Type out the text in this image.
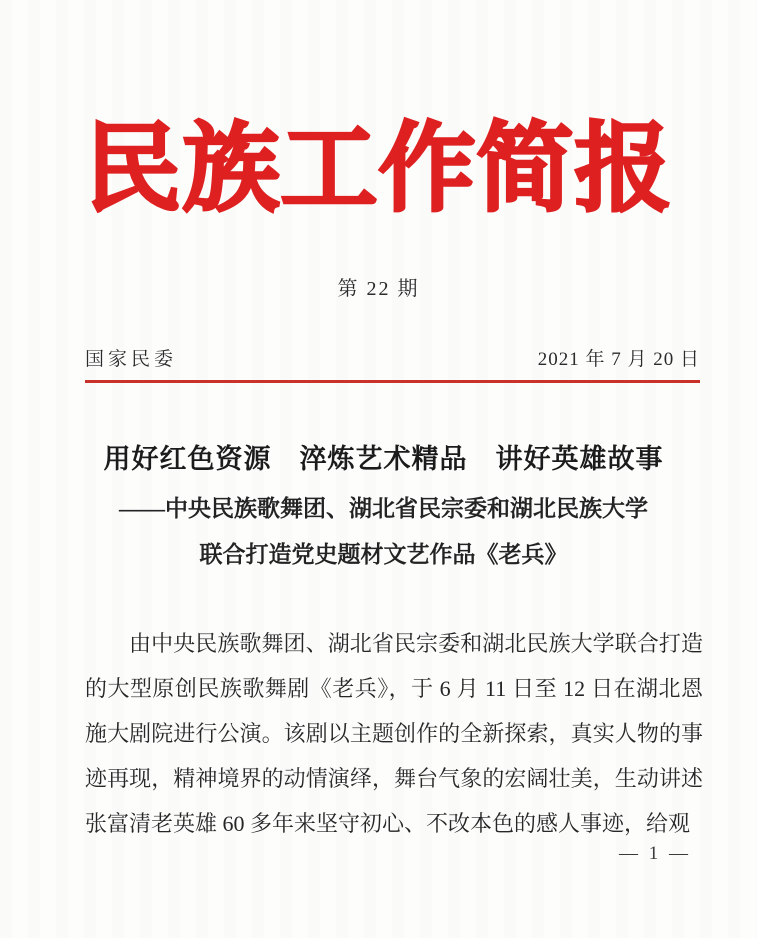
民族工作简报
第 22 期
国家民委	2021 年 7 月 20 日
用好红色资源　淬炼艺术精品　讲好英雄故事
——中央民族歌舞团、湖北省民宗委和湖北民族大学
联合打造党史题材文艺作品《老兵》
由中央民族歌舞团、湖北省民宗委和湖北民族大学联合打造的大型原创民族歌舞剧《老兵》，于 6 月 11 日至 12 日在湖北恩施大剧院进行公演。该剧以主题创作的全新探索，真实人物的事迹再现，精神境界的动情演绎，舞台气象的宏阔壮美，生动讲述张富清老英雄 60 多年来坚守初心、不改本色的感人事迹，给观
— 1 —
